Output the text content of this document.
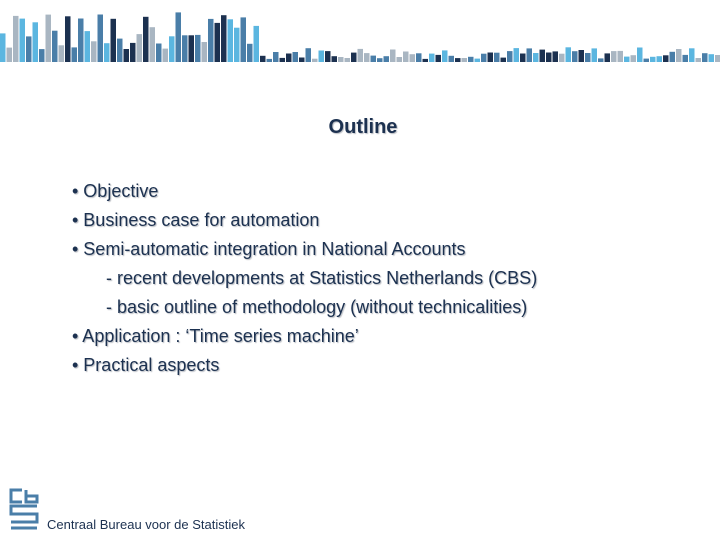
Outline
• Objective
• Business case for automation
• Semi-automatic integration in National Accounts
- recent developments at Statistics Netherlands (CBS)
- basic outline of methodology (without technicalities)
• Application : ‘Time series machine’
• Practical aspects
Centraal Bureau voor de Statistiek
